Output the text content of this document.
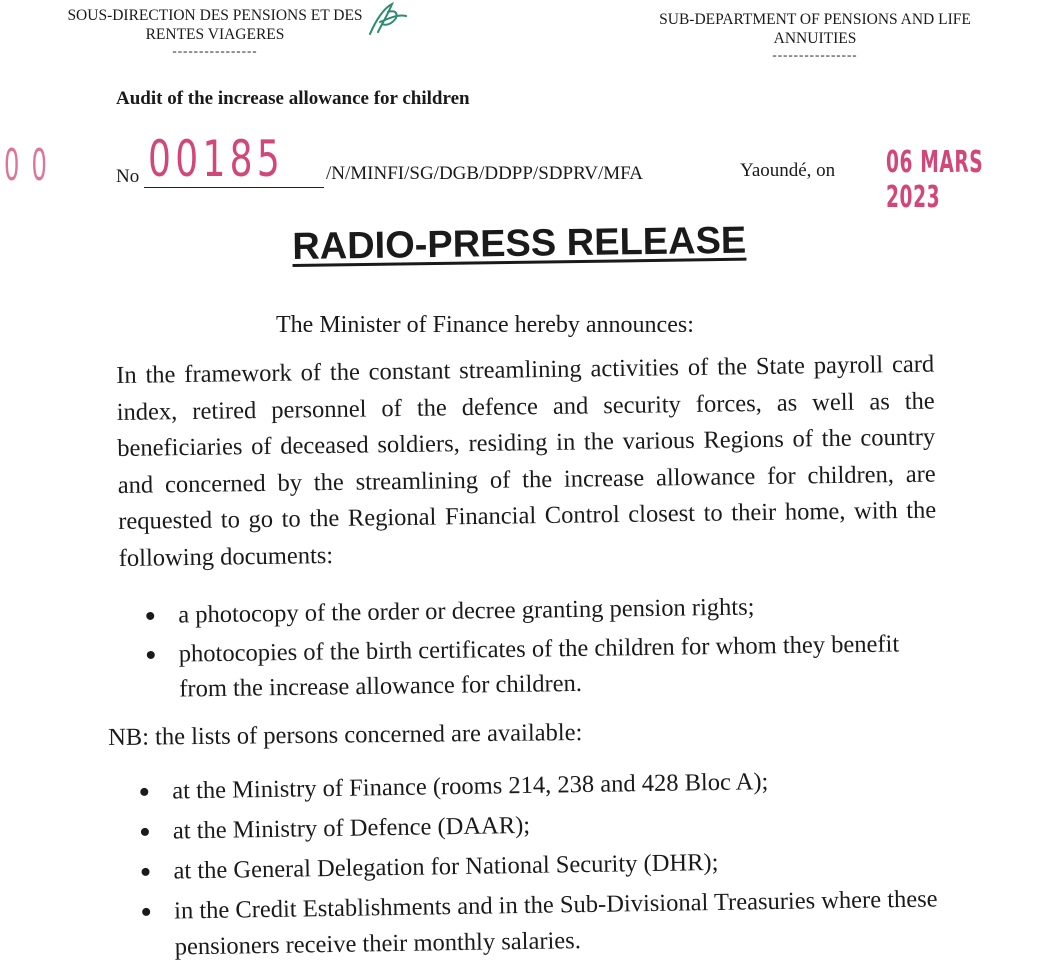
SOUS-DIRECTION DES PENSIONS ET DES
RENTES VIAGERES
----------------
SUB-DEPARTMENT OF PENSIONS AND LIFE
ANNUITIES
----------------
Audit of the increase allowance for children
0 0	No 00185 /N/MINFI/SG/DGB/DDPP/SDPRV/MFA	Yaoundé, on 06 MARS 2023
RADIO-PRESS RELEASE
The Minister of Finance hereby announces:
In the framework of the constant streamlining activities of the State payroll card index, retired personnel of the defence and security forces, as well as the beneficiaries of deceased soldiers, residing in the various Regions of the country and concerned by the streamlining of the increase allowance for children, are requested to go to the Regional Financial Control closest to their home, with the following documents:
a photocopy of the order or decree granting pension rights;
photocopies of the birth certificates of the children for whom they benefit from the increase allowance for children.
NB: the lists of persons concerned are available:
at the Ministry of Finance (rooms 214, 238 and 428 Bloc A);
at the Ministry of Defence (DAAR);
at the General Delegation for National Security (DHR);
in the Credit Establishments and in the Sub-Divisional Treasuries where these pensioners receive their monthly salaries.
